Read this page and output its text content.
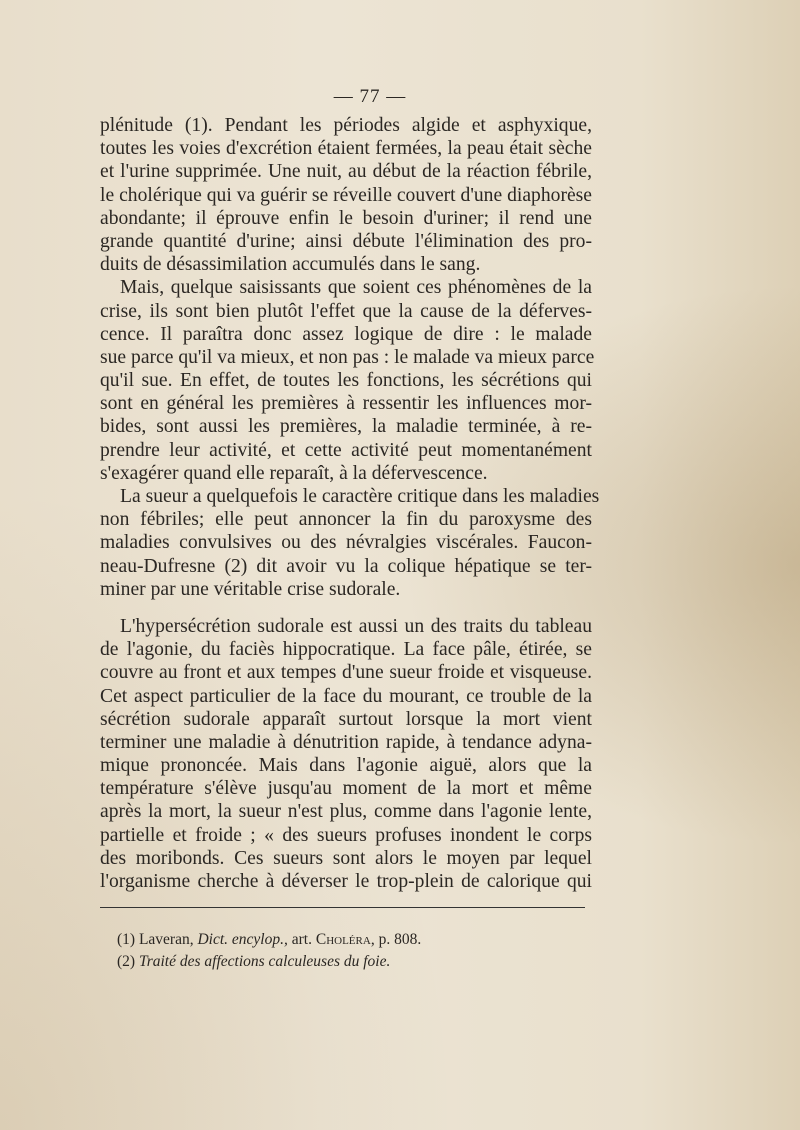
— 77 —
plénitude (1). Pendant les périodes algide et asphyxique,
toutes les voies d'excrétion étaient fermées, la peau était sèche
et l'urine supprimée. Une nuit, au début de la réaction fébrile,
le cholérique qui va guérir se réveille couvert d'une diaphorèse
abondante; il éprouve enfin le besoin d'uriner; il rend une
grande quantité d'urine; ainsi débute l'élimination des pro-
duits de désassimilation accumulés dans le sang.
Mais, quelque saisissants que soient ces phénomènes de la
crise, ils sont bien plutôt l'effet que la cause de la déferves-
cence. Il paraîtra donc assez logique de dire : le malade
sue parce qu'il va mieux, et non pas : le malade va mieux parce
qu'il sue. En effet, de toutes les fonctions, les sécrétions qui
sont en général les premières à ressentir les influences mor-
bides, sont aussi les premières, la maladie terminée, à re-
prendre leur activité, et cette activité peut momentanément
s'exagérer quand elle reparaît, à la défervescence.
La sueur a quelquefois le caractère critique dans les maladies
non fébriles; elle peut annoncer la fin du paroxysme des
maladies convulsives ou des névralgies viscérales. Faucon-
neau-Dufresne (2) dit avoir vu la colique hépatique se ter-
miner par une véritable crise sudorale.
L'hypersécrétion sudorale est aussi un des traits du tableau
de l'agonie, du faciès hippocratique. La face pâle, étirée, se
couvre au front et aux tempes d'une sueur froide et visqueuse.
Cet aspect particulier de la face du mourant, ce trouble de la
sécrétion sudorale apparaît surtout lorsque la mort vient
terminer une maladie à dénutrition rapide, à tendance adyna-
mique prononcée. Mais dans l'agonie aiguë, alors que la
température s'élève jusqu'au moment de la mort et même
après la mort, la sueur n'est plus, comme dans l'agonie lente,
partielle et froide ; « des sueurs profuses inondent le corps
des moribonds. Ces sueurs sont alors le moyen par lequel
l'organisme cherche à déverser le trop-plein de calorique qui
(1) Laveran, Dict. encylop., art. Choléra, p. 808.
(2) Traité des affections calculeuses du foie.
